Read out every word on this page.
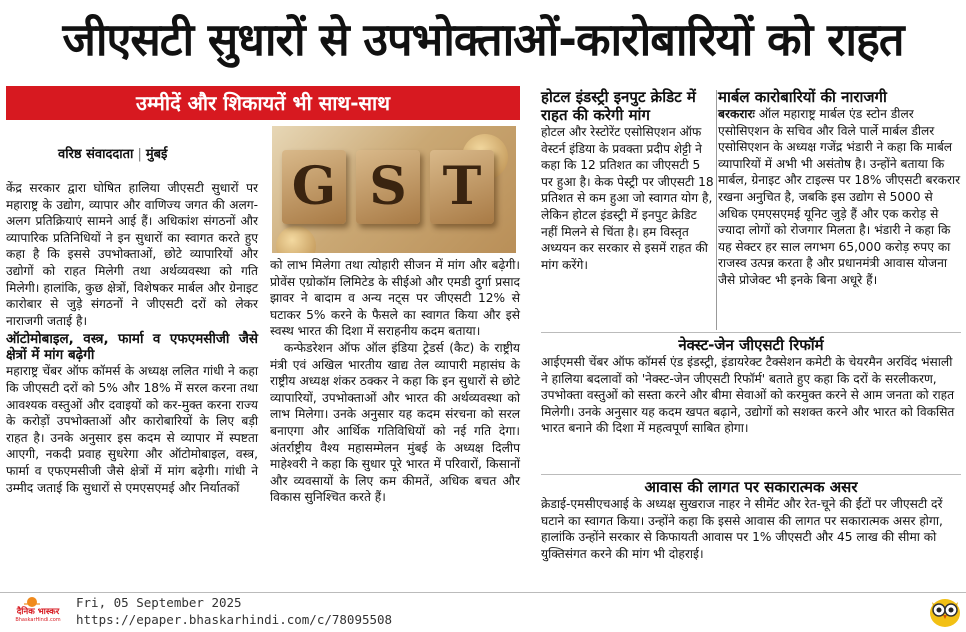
जीएसटी सुधारों से उपभोक्ताओं-कारोबारियों को राहत
उम्मीदें और शिकायतें भी साथ-साथ
वरिष्ठ संवाददाता | मुंबई
G S T

केंद्र सरकार द्वारा घोषित हालिया जीएसटी सुधारों पर महाराष्ट्र के उद्योग, व्यापार और वाणिज्य जगत की अलग-अलग प्रतिक्रियाएं सामने आई हैं। अधिकांश संगठनों और व्यापारिक प्रतिनिधियों ने इन सुधारों का स्वागत करते हुए कहा है कि इससे उपभोक्ताओं, छोटे व्यापारियों और उद्योगों को राहत मिलेगी तथा अर्थव्यवस्था को गति मिलेगी। हालांकि, कुछ क्षेत्रों, विशेषकर मार्बल और ग्रेनाइट कारोबार से जुड़े संगठनों ने जीएसटी दरों को लेकर नाराजगी जताई है।

ऑटोमोबाइल, वस्त्र, फार्मा व एफएमसीजी जैसे क्षेत्रों में मांग बढ़ेगी

महाराष्ट्र चेंबर ऑफ कॉमर्स के अध्यक्ष ललित गांधी ने कहा कि जीएसटी दरों को 5% और 18% में सरल करना तथा आवश्यक वस्तुओं और दवाइयों को कर-मुक्त करना राज्य के करोड़ों उपभोक्ताओं और कारोबारियों के लिए बड़ी राहत है। उनके अनुसार इस कदम से व्यापार में स्पष्टता आएगी, नकदी प्रवाह सुधरेगा और ऑटोमोबाइल, वस्त्र, फार्मा व एफएमसीजी जैसे क्षेत्रों में मांग बढ़ेगी। गांधी ने उम्मीद जताई कि सुधारों से एमएसएमई और निर्यातकों

को लाभ मिलेगा तथा त्योहारी सीजन में मांग और बढ़ेगी। प्रोवेंस एग्रोकॉम लिमिटेड के सीईओ और एमडी दुर्गा प्रसाद झावर ने बादाम व अन्य नट्स पर जीएसटी 12% से घटाकर 5% करने के फैसले का स्वागत किया और इसे स्वस्थ भारत की दिशा में सराहनीय कदम बताया।

कन्फेडरेशन ऑफ ऑल इंडिया ट्रेडर्स (कैट) के राष्ट्रीय मंत्री एवं अखिल भारतीय खाद्य तेल व्यापारी महासंघ के राष्ट्रीय अध्यक्ष शंकर ठक्कर ने कहा कि इन सुधारों से छोटे व्यापारियों, उपभोक्ताओं और भारत की अर्थव्यवस्था को लाभ मिलेगा। उनके अनुसार यह कदम संरचना को सरल बनाएगा और आर्थिक गतिविधियों को नई गति देगा। अंतर्राष्ट्रीय वैश्य महासम्मेलन मुंबई के अध्यक्ष दिलीप माहेश्वरी ने कहा कि सुधार पूरे भारत में परिवारों, किसानों और व्यवसायों के लिए कम कीमतें, अधिक बचत और विकास सुनिश्चित करते हैं।

होटल इंडस्ट्री इनपुट क्रेडिट में राहत की करेगी मांग

होटल और रेस्टोरेंट एसोसिएशन ऑफ वेस्टर्न इंडिया के प्रवक्ता प्रदीप शेट्टी ने कहा कि 12 प्रतिशत का जीएसटी 5 पर हुआ है। केक पेस्ट्री पर जीएसटी 18 प्रतिशत से कम हुआ जो स्वागत योग है, लेकिन होटल इंडस्ट्री में इनपुट क्रेडिट नहीं मिलने से चिंता है। हम विस्तृत अध्ययन कर सरकार से इसमें राहत की मांग करेंगे।

मार्बल कारोबारियों की नाराजगी

बरकरारः ऑल महाराष्ट्र मार्बल एंड स्टोन डीलर एसोसिएशन के सचिव और विले पार्ले मार्बल डीलर एसोसिएशन के अध्यक्ष गजेंद्र भंडारी ने कहा कि मार्बल व्यापारियों में अभी भी असंतोष है। उन्होंने बताया कि मार्बल, ग्रेनाइट और टाइल्स पर 18% जीएसटी बरकरार रखना अनुचित है, जबकि इस उद्योग से 5000 से अधिक एमएसएमई यूनिट जुड़े हैं और एक करोड़ से ज्यादा लोगों को रोजगार मिलता है। भंडारी ने कहा कि यह सेक्टर हर साल लगभग 65,000 करोड़ रुपए का राजस्व उत्पन्न करता है और प्रधानमंत्री आवास योजना जैसे प्रोजेक्ट भी इनके बिना अधूरे हैं।

नेक्स्ट-जेन जीएसटी रिफॉर्म

आईएमसी चेंबर ऑफ कॉमर्स एंड इंडस्ट्री, इंडायरेक्ट टैक्सेशन कमेटी के चेयरमैन अरविंद भंसाली ने हालिया बदलावों को 'नेक्स्ट-जेन जीएसटी रिफॉर्म' बताते हुए कहा कि दरों के सरलीकरण, उपभोक्ता वस्तुओं को सस्ता करने और बीमा सेवाओं को करमुक्त करने से आम जनता को राहत मिलेगी। उनके अनुसार यह कदम खपत बढ़ाने, उद्योगों को सशक्त करने और भारत को विकसित भारत बनाने की दिशा में महत्वपूर्ण साबित होगा।

आवास की लागत पर सकारात्मक असर

क्रेडाई-एमसीएचआई के अध्यक्ष सुखराज नाहर ने सीमेंट और रेत-चूने की ईंटों पर जीएसटी दरें घटाने का स्वागत किया। उन्होंने कहा कि इससे आवास की लागत पर सकारात्मक असर होगा, हालांकि उन्होंने सरकार से किफायती आवास पर 1% जीएसटी और 45 लाख की सीमा को युक्तिसंगत करने की मांग भी दोहराई।

दैनिक भास्कर
BhaskarHindi.com
Fri, 05 September 2025
https://epaper.bhaskarhindi.com/c/78095508
